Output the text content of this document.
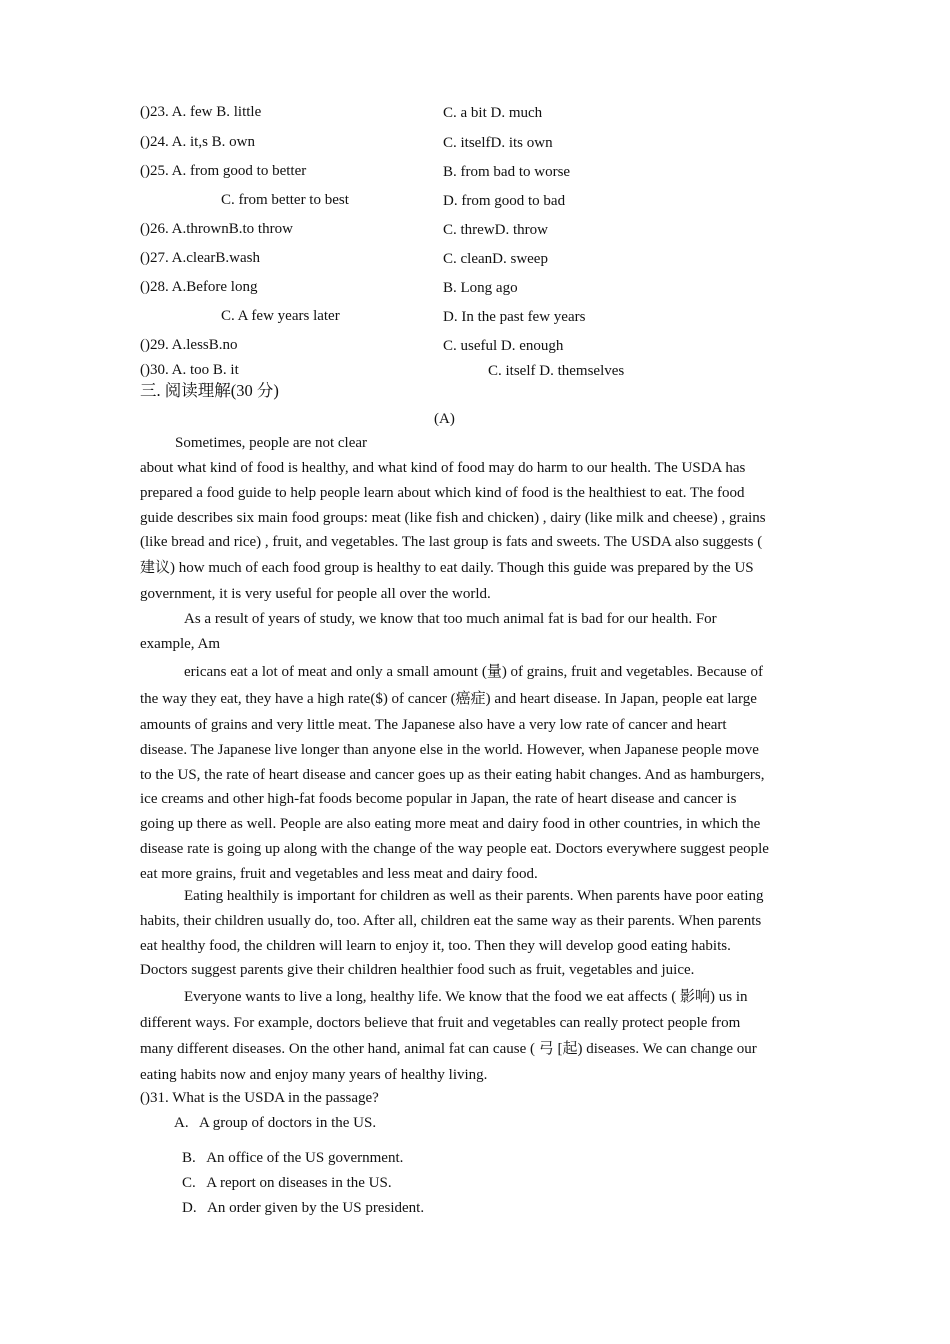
()23. A. few B. little
()24. A. it,s B. own
()25. A. from good to better
C. from better to best
()26. A.thrownB.to throw
()27. A.clearB.wash
()28. A.Before long
C. A few years later
()29. A.lessB.no
()30. A. too B. it
C. a bit D. much
C. itselfD. its own
B. from bad to worse
D. from good to bad
C. threwD. throw
C. cleanD. sweep
B. Long ago
D. In the past few years
C. useful D. enough
C. itself D. themselves
三. 阅读理解(30 分)
(A)
Sometimes, people are not clear
about what kind of food is healthy, and what kind of food may do harm to our health. The USDA has
prepared a food guide to help people learn about which kind of food is the healthiest to eat. The food
guide describes six main food groups: meat (like fish and chicken) , dairy (like milk and cheese) , grains
(like bread and rice) , fruit, and vegetables. The last group is fats and sweets. The USDA also suggests (
建议) how much of each food group is healthy to eat daily. Though this guide was prepared by the US
government, it is very useful for people all over the world.
As a result of years of study, we know that too much animal fat is bad for our health. For
example, Am
ericans eat a lot of meat and only a small amount (量) of grains, fruit and vegetables. Because of
the way they eat, they have a high rate($) of cancer (癌症) and heart disease. In Japan, people eat large
amounts of grains and very little meat. The Japanese also have a very low rate of cancer and heart
disease. The Japanese live longer than anyone else in the world. However, when Japanese people move
to the US, the rate of heart disease and cancer goes up as their eating habit changes. And as hamburgers,
ice creams and other high-fat foods become popular in Japan, the rate of heart disease and cancer is
going up there as well. People are also eating more meat and dairy food in other countries, in which the
disease rate is going up along with the change of the way people eat. Doctors everywhere suggest people
eat more grains, fruit and vegetables and less meat and dairy food.
Eating healthily is important for children as well as their parents. When parents have poor eating
habits, their children usually do, too. After all, children eat the same way as their parents. When parents
eat healthy food, the children will learn to enjoy it, too. Then they will develop good eating habits.
Doctors suggest parents give their children healthier food such as fruit, vegetables and juice.
Everyone wants to live a long, healthy life. We know that the food we eat affects ( 影响) us in
different ways. For example, doctors believe that fruit and vegetables can really protect people from
many different diseases. On the other hand, animal fat can cause ( 弓 [起) diseases. We can change our
eating habits now and enjoy many years of healthy living.
()31. What is the USDA in the passage?
A. A group of doctors in the US.
B. An office of the US government.
C. A report on diseases in the US.
D. An order given by the US president.
